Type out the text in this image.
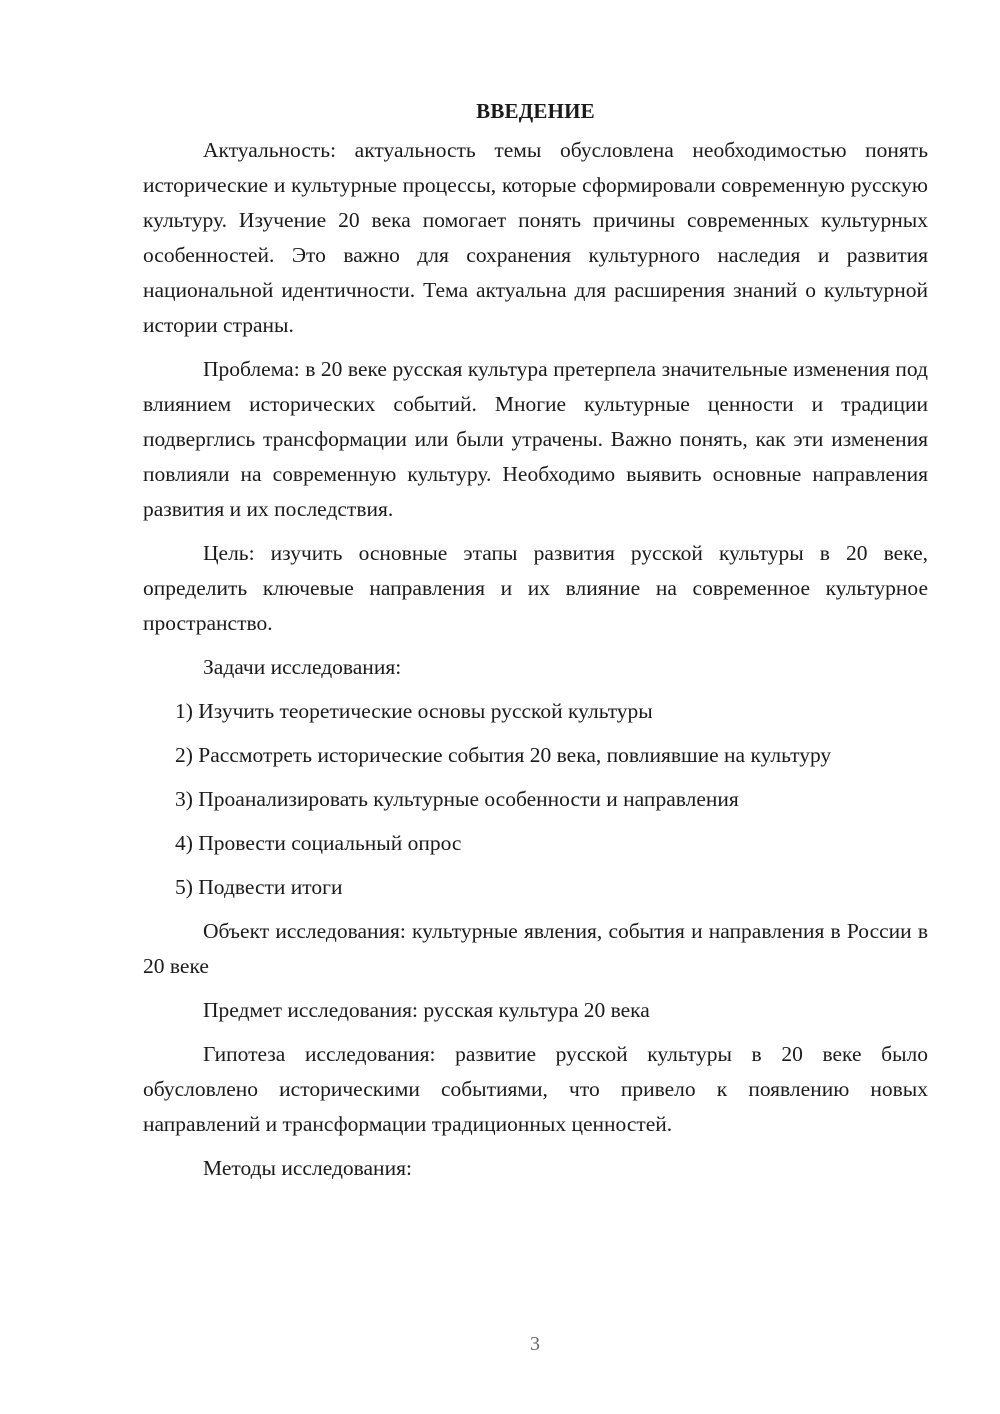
ВВЕДЕНИЕ

Актуальность: актуальность темы обусловлена необходимостью понять исторические и культурные процессы, которые сформировали современную русскую культуру. Изучение 20 века помогает понять причины современных культурных особенностей. Это важно для сохранения культурного наследия и развития национальной идентичности. Тема актуальна для расширения знаний о культурной истории страны.

Проблема: в 20 веке русская культура претерпела значительные изменения под влиянием исторических событий. Многие культурные ценности и традиции подверглись трансформации или были утрачены. Важно понять, как эти изменения повлияли на современную культуру. Необходимо выявить основные направления развития и их последствия.

Цель: изучить основные этапы развития русской культуры в 20 веке, определить ключевые направления и их влияние на современное культурное пространство.

Задачи исследования:

1) Изучить теоретические основы русской культуры

2) Рассмотреть исторические события 20 века, повлиявшие на культуру

3) Проанализировать культурные особенности и направления

4) Провести социальный опрос

5) Подвести итоги

Объект исследования: культурные явления, события и направления в России в 20 веке

Предмет исследования: русская культура 20 века

Гипотеза исследования: развитие русской культуры в 20 веке было обусловлено историческими событиями, что привело к появлению новых направлений и трансформации традиционных ценностей.

Методы исследования:

3
